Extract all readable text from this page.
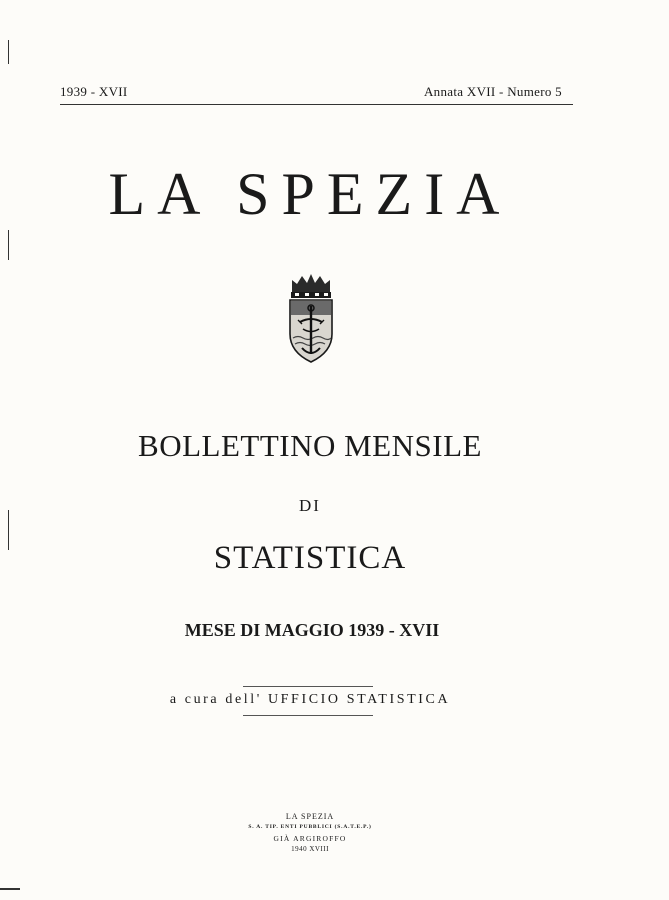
1939 - XVII	Annata XVII - Numero 5
LA SPEZIA
BOLLETTINO MENSILE
DI
STATISTICA
MESE DI MAGGIO 1939 - XVII
a cura dell' UFFICIO STATISTICA
LA SPEZIA
S. A. TIP. ENTI PUBBLICI (S.A.T.E.P.)
GIÀ ARGIROFFO
1940 XVIII
